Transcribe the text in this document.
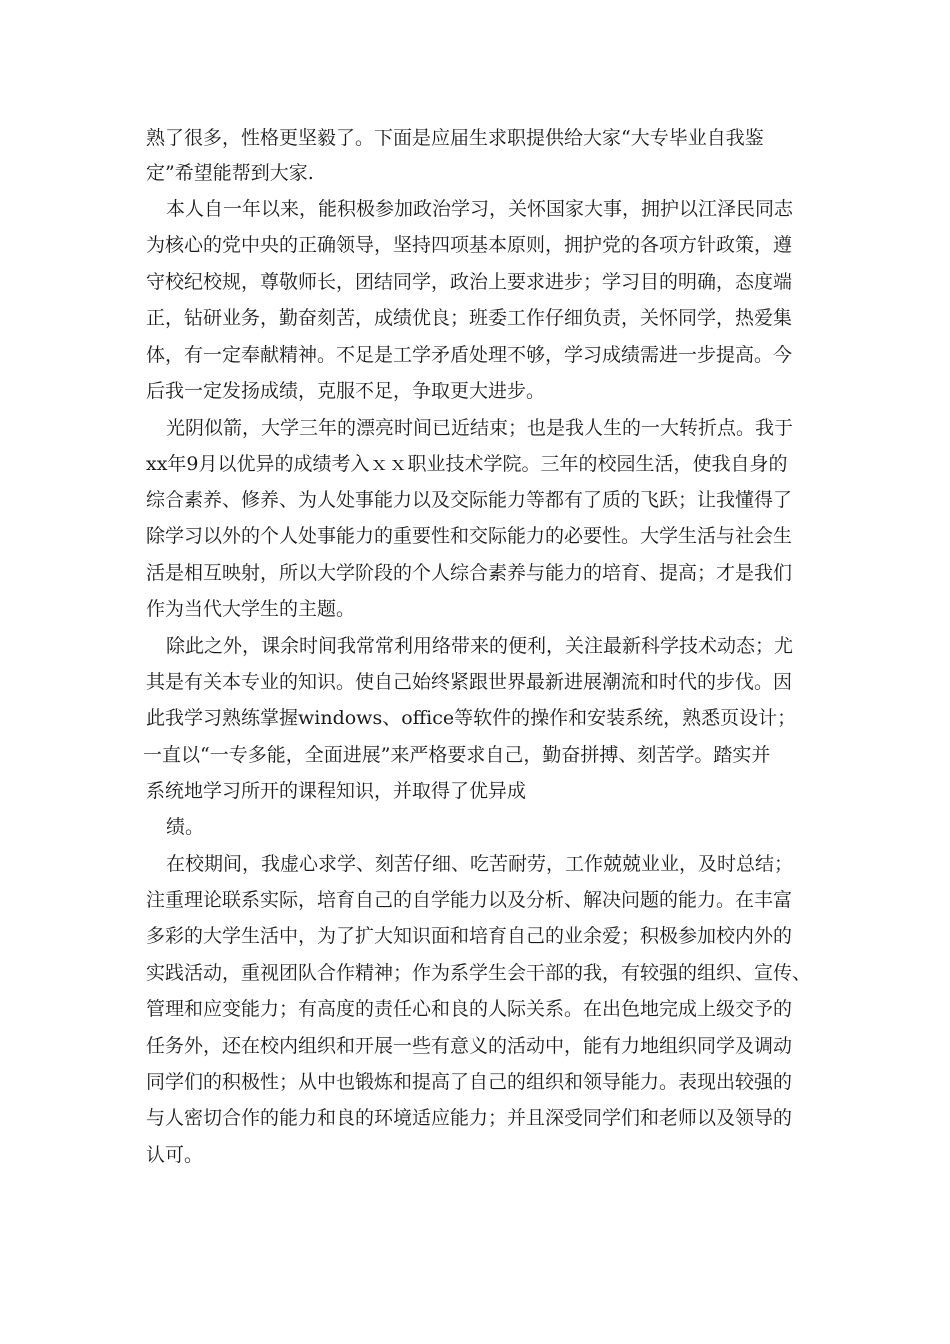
熟了很多，性格更坚毅了。下面是应届生求职提供给大家“大专毕业自我鉴
定”希望能帮到大家.
本人自一年以来，能积极参加政治学习，关怀国家大事，拥护以江泽民同志
为核心的党中央的正确领导，坚持四项基本原则，拥护党的各项方针政策，遵
守校纪校规，尊敬师长，团结同学，政治上要求进步；学习目的明确，态度端
正，钻研业务，勤奋刻苦，成绩优良；班委工作仔细负责，关怀同学，热爱集
体，有一定奉献精神。不足是工学矛盾处理不够，学习成绩需进一步提高。今
后我一定发扬成绩，克服不足，争取更大进步。
光阴似箭，大学三年的漂亮时间已近结束；也是我人生的一大转折点。我于
xx年9月以优异的成绩考入ｘｘ职业技术学院。三年的校园生活，使我自身的
综合素养、修养、为人处事能力以及交际能力等都有了质的飞跃；让我懂得了
除学习以外的个人处事能力的重要性和交际能力的必要性。大学生活与社会生
活是相互映射，所以大学阶段的个人综合素养与能力的培育、提高；才是我们
作为当代大学生的主题。
除此之外，课余时间我常常利用络带来的便利，关注最新科学技术动态；尤
其是有关本专业的知识。使自己始终紧跟世界最新进展潮流和时代的步伐。因
此我学习熟练掌握windows、office等软件的操作和安装系统，熟悉页设计；
一直以“一专多能，全面进展”来严格要求自己，勤奋拼搏、刻苦学。踏实并
系统地学习所开的课程知识，并取得了优异成
绩。
在校期间，我虚心求学、刻苦仔细、吃苦耐劳，工作兢兢业业，及时总结；
注重理论联系实际，培育自己的自学能力以及分析、解决问题的能力。在丰富
多彩的大学生活中，为了扩大知识面和培育自己的业余爱；积极参加校内外的
实践活动，重视团队合作精神；作为系学生会干部的我，有较强的组织、宣传、
管理和应变能力；有高度的责任心和良的人际关系。在出色地完成上级交予的
任务外，还在校内组织和开展一些有意义的活动中，能有力地组织同学及调动
同学们的积极性；从中也锻炼和提高了自己的组织和领导能力。表现出较强的
与人密切合作的能力和良的环境适应能力；并且深受同学们和老师以及领导的
认可。
